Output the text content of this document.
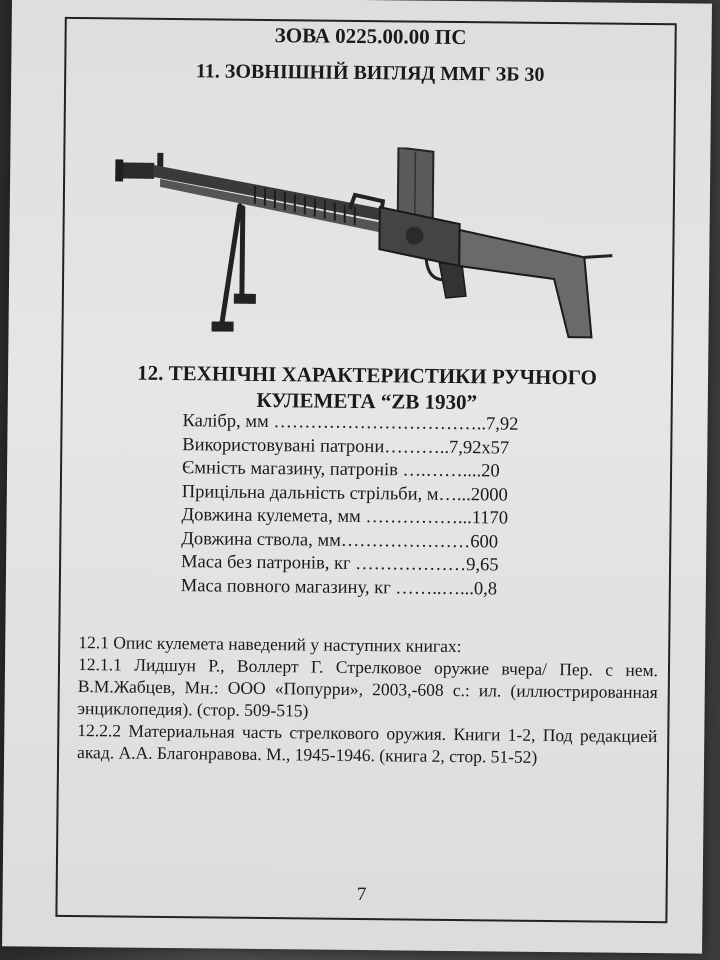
ЗОВА 0225.00.00 ПС
11. ЗОВНІШНІЙ ВИГЛЯД ММГ ЗБ 30
12. ТЕХНІЧНІ ХАРАКТЕРИСТИКИ РУЧНОГО
КУЛЕМЕТА “ZB 1930”
Калібр, мм ……………………………..7,92
Використовувані патрони………..7,92х57
Ємність магазину, патронів ….……....20
Прицільна дальність стрільби, м…...2000
Довжина кулемета, мм ……………...1170
Довжина ствола, мм…………………600
Маса без патронів, кг ………………9,65
Маса повного магазину, кг ……..…...0,8

12.1 Опис кулемета наведений у наступних книгах:

12.1.1 Лидшун Р., Воллерт Г. Стрелковое оружие вчера/ Пер. с нем. В.М.Жабцев, Мн.: ООО «Попурри», 2003,-608 с.: ил. (иллюстрированная энциклопедия). (стор. 509-515)

12.2.2 Материальная часть стрелкового оружия. Книги 1-2, Под редакцией акад. А.А. Благонравова. М., 1945-1946. (книга 2, стор. 51-52)

7
